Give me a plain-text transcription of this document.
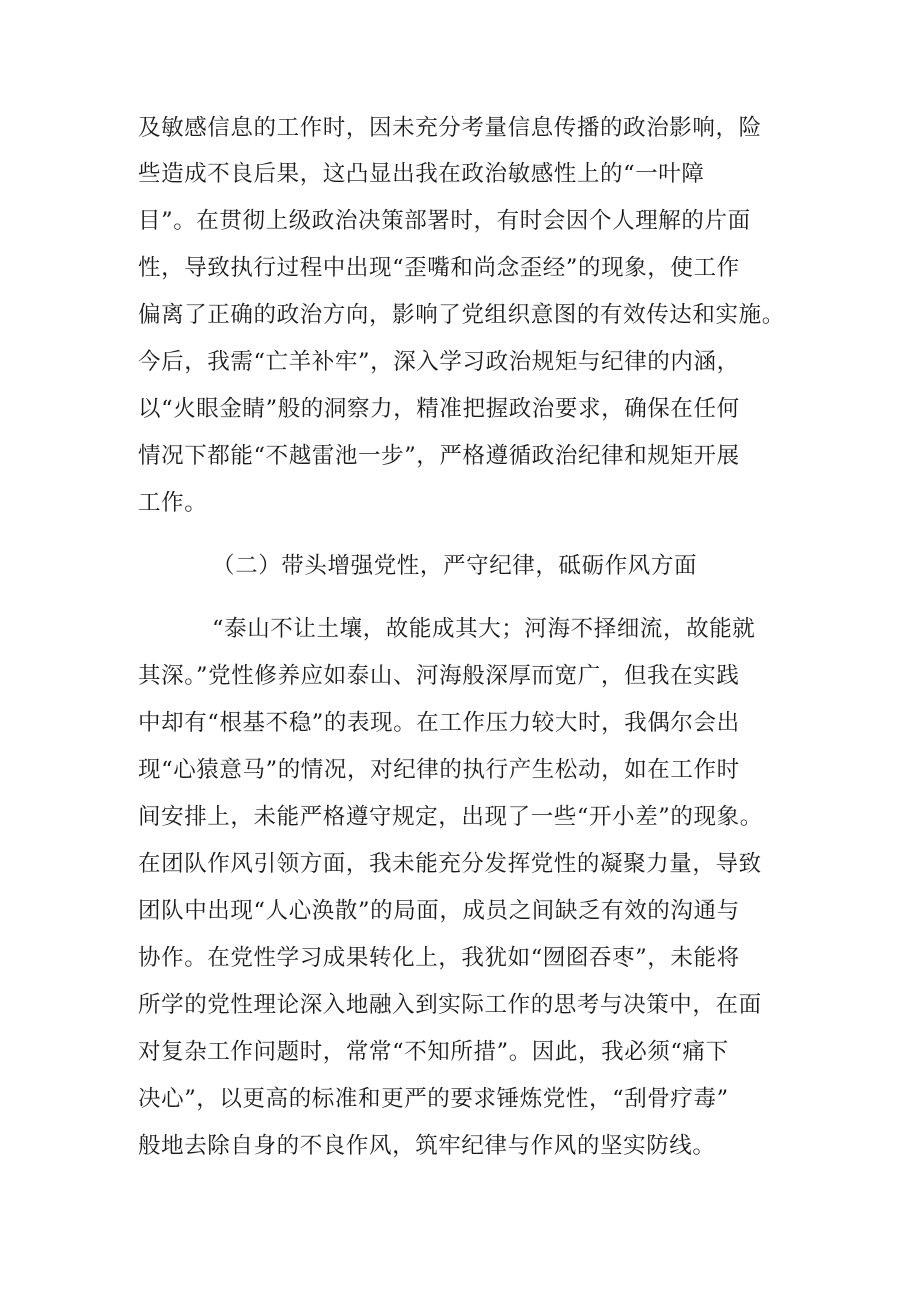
及敏感信息的工作时，因未充分考量信息传播的政治影响，险
些造成不良后果，这凸显出我在政治敏感性上的“一叶障
目”。在贯彻上级政治决策部署时，有时会因个人理解的片面
性，导致执行过程中出现“歪嘴和尚念歪经”的现象，使工作
偏离了正确的政治方向，影响了党组织意图的有效传达和实施。
今后，我需“亡羊补牢”，深入学习政治规矩与纪律的内涵，
以“火眼金睛”般的洞察力，精准把握政治要求，确保在任何
情况下都能“不越雷池一步”，严格遵循政治纪律和规矩开展
工作。
（二）带头增强党性，严守纪律，砥砺作风方面
“泰山不让土壤，故能成其大；河海不择细流，故能就
其深。”党性修养应如泰山、河海般深厚而宽广，但我在实践
中却有“根基不稳”的表现。在工作压力较大时，我偶尔会出
现“心猿意马”的情况，对纪律的执行产生松动，如在工作时
间安排上，未能严格遵守规定，出现了一些“开小差”的现象。
在团队作风引领方面，我未能充分发挥党性的凝聚力量，导致
团队中出现“人心涣散”的局面，成员之间缺乏有效的沟通与
协作。在党性学习成果转化上，我犹如“囫囵吞枣”，未能将
所学的党性理论深入地融入到实际工作的思考与决策中，在面
对复杂工作问题时，常常“不知所措”。因此，我必须“痛下
决心”，以更高的标准和更严的要求锤炼党性，“刮骨疗毒”
般地去除自身的不良作风，筑牢纪律与作风的坚实防线。
